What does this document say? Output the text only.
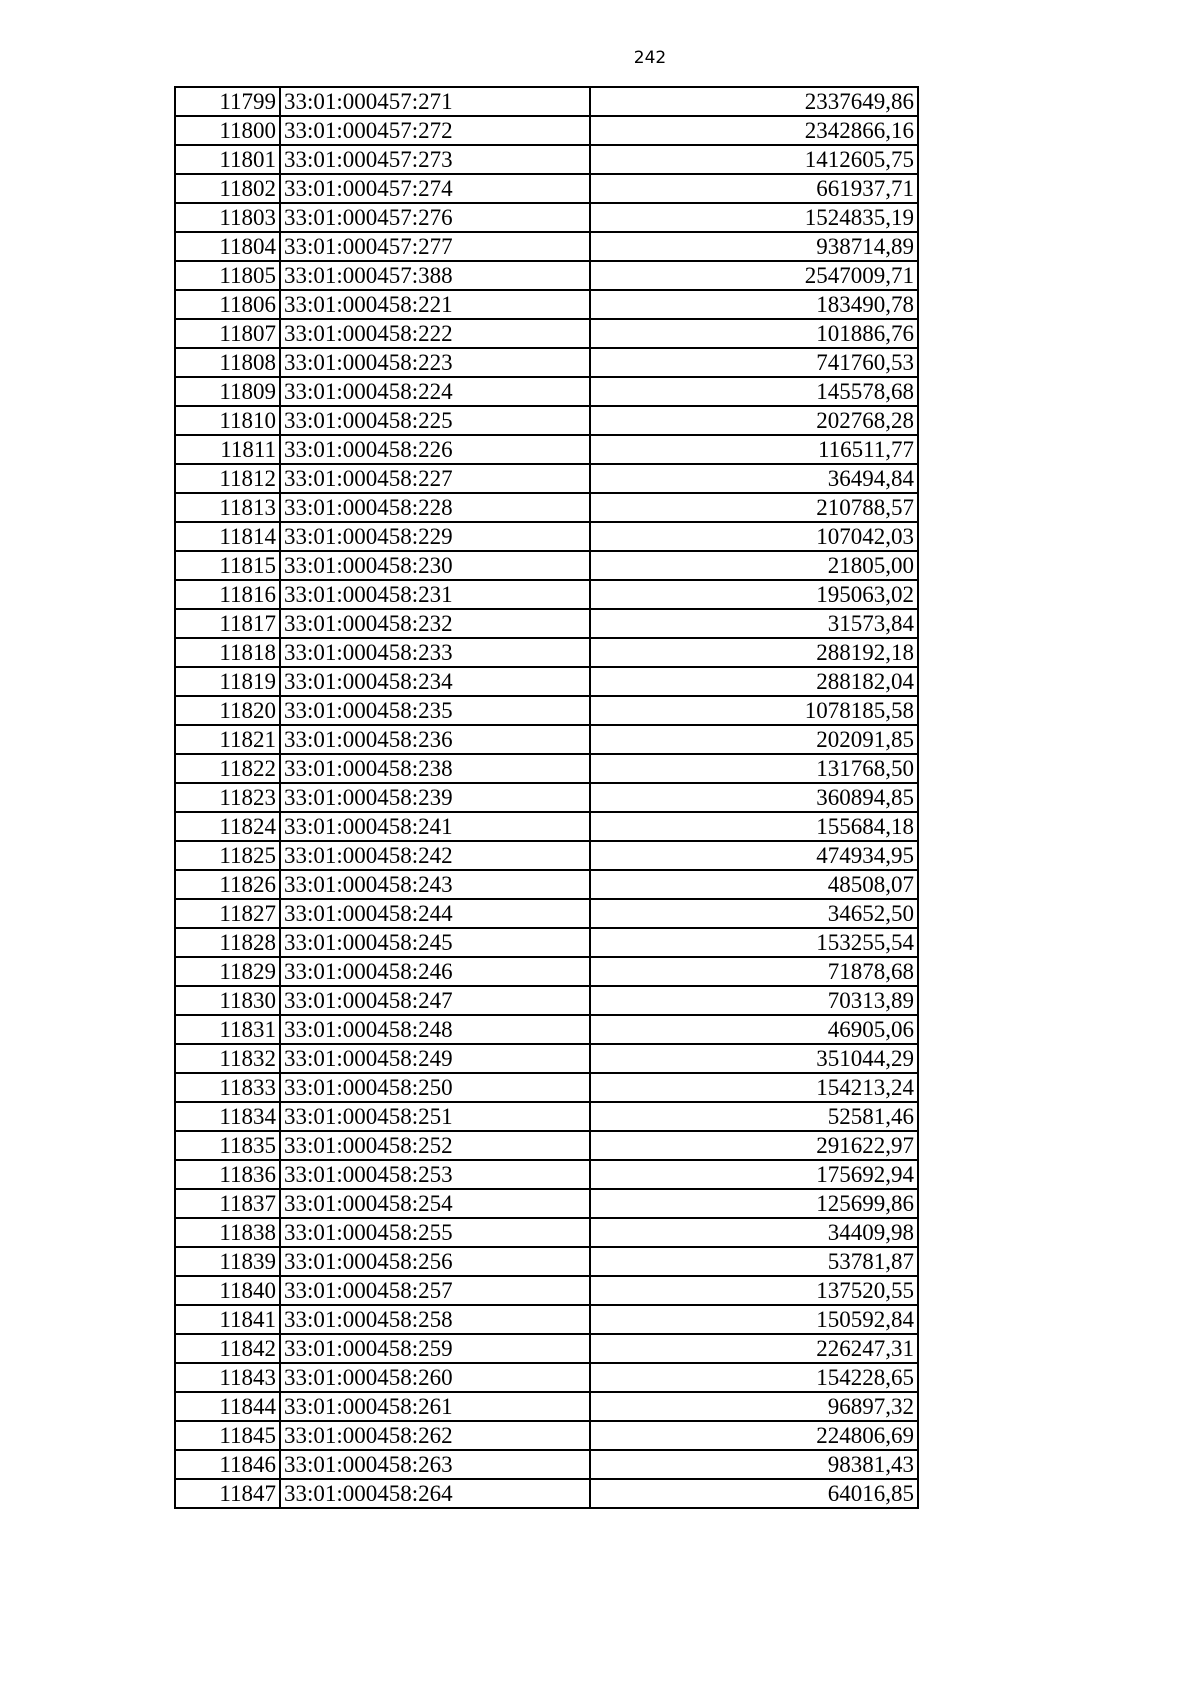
242
11799	33:01:000457:271	2337649,86
11800	33:01:000457:272	2342866,16
11801	33:01:000457:273	1412605,75
11802	33:01:000457:274	661937,71
11803	33:01:000457:276	1524835,19
11804	33:01:000457:277	938714,89
11805	33:01:000457:388	2547009,71
11806	33:01:000458:221	183490,78
11807	33:01:000458:222	101886,76
11808	33:01:000458:223	741760,53
11809	33:01:000458:224	145578,68
11810	33:01:000458:225	202768,28
11811	33:01:000458:226	116511,77
11812	33:01:000458:227	36494,84
11813	33:01:000458:228	210788,57
11814	33:01:000458:229	107042,03
11815	33:01:000458:230	21805,00
11816	33:01:000458:231	195063,02
11817	33:01:000458:232	31573,84
11818	33:01:000458:233	288192,18
11819	33:01:000458:234	288182,04
11820	33:01:000458:235	1078185,58
11821	33:01:000458:236	202091,85
11822	33:01:000458:238	131768,50
11823	33:01:000458:239	360894,85
11824	33:01:000458:241	155684,18
11825	33:01:000458:242	474934,95
11826	33:01:000458:243	48508,07
11827	33:01:000458:244	34652,50
11828	33:01:000458:245	153255,54
11829	33:01:000458:246	71878,68
11830	33:01:000458:247	70313,89
11831	33:01:000458:248	46905,06
11832	33:01:000458:249	351044,29
11833	33:01:000458:250	154213,24
11834	33:01:000458:251	52581,46
11835	33:01:000458:252	291622,97
11836	33:01:000458:253	175692,94
11837	33:01:000458:254	125699,86
11838	33:01:000458:255	34409,98
11839	33:01:000458:256	53781,87
11840	33:01:000458:257	137520,55
11841	33:01:000458:258	150592,84
11842	33:01:000458:259	226247,31
11843	33:01:000458:260	154228,65
11844	33:01:000458:261	96897,32
11845	33:01:000458:262	224806,69
11846	33:01:000458:263	98381,43
11847	33:01:000458:264	64016,85
